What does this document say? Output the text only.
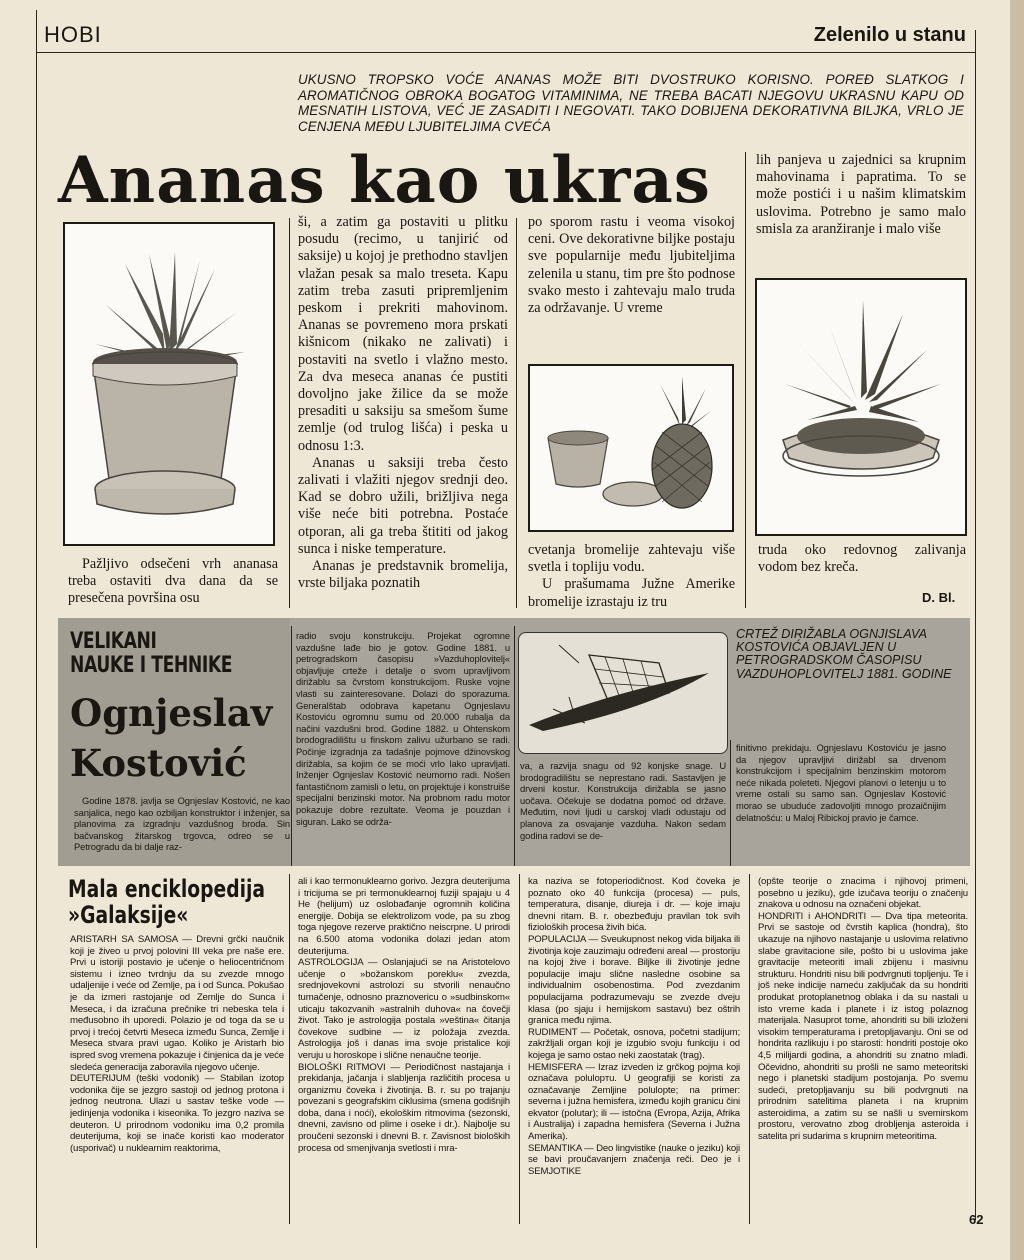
HOBI	Zelenilo u stanu
UKUSNO TROPSKO VOĆE ANANAS MOŽE BITI DVOSTRUKO KORISNO. POREĐ SLATKOG I AROMATIČNOG OBROKA BOGATOG VITAMINIMA, NE TREBA BACATI NJEGOVU UKRASNU KAPU OD MESNATIH LISTOVA, VEĆ JE ZASADITI I NEGOVATI. TAKO DOBIJENA DEKORATIVNA BILJKA, VRLO JE CENJENA MEĐU LJUBITELJIMA CVEĆA
Ananas kao ukras

Pažljivo odsečeni vrh ananasa treba ostaviti dva dana da se presečena površina osu

ši, a zatim ga postaviti u plitku posudu (recimo, u tanjirić od saksije) u kojoj je prethodno stavljen vlažan pesak sa malo treseta. Kapu zatim treba zasuti pripremljenim peskom i prekriti mahovinom. Ananas se povremeno mora prskati kišnicom (nikako ne zalivati) i postaviti na svetlo i vlažno mesto. Za dva meseca ananas će pustiti dovoljno jake žilice da se može presaditi u saksiju sa smešom šume zemlje (od trulog lišća) i peska u odnosu 1:3.

Ananas u saksiji treba često zalivati i vlažiti njegov srednji deo. Kad se dobro užili, brižljiva nega više neće biti potrebna. Postaće otporan, ali ga treba štititi od jakog sunca i niske temperature.

Ananas je predstavnik bromelija, vrste biljaka poznatih

po sporom rastu i veoma visokoj ceni. Ove dekorativne biljke postaju sve popularnije među ljubiteljima zelenila u stanu, tim pre što podnose svako mesto i zahtevaju malo truda za održavanje. U vreme

cvetanja bromelije zahtevaju više svetla i topliju vodu.

U prašumama Južne Amerike bromelije izrastaju iz tru

lih panjeva u zajednici sa krupnim mahovinama i papratima. To se može postići i u našim klimatskim uslovima. Potrebno je samo malo smisla za aranžiranje i malo više

truda oko redovnog zalivanja vodom bez kreča.

D. Bl.
VELIKANI
NAUKE I TEHNIKE
Ognjeslav
Kostović

Godine 1878. javlja se Ognjeslav Kostović, ne kao sanjalica, nego kao ozbiljan konstruktor i inženjer, sa planovima za izgradnju vazdušnog broda. Sin bačvanskog žitarskog trgovca, odreo se u Petrogradu da bi dalje raz-

radio svoju konstrukciju. Projekat ogromne vazdušne lađe bio je gotov. Godine 1881. u petrogradskom časopisu »Vazduhoplovitelj« objavljuje crteže i detalje o svom upravljivom dirižablu sa čvrstom konstrukcijom. Ruske vojne vlasti su zainteresovane. Dolazi do sporazuma. Generalštab odobrava kapetanu Ognjeslavu Kostoviću ogromnu sumu od 20.000 rubalja da načini vazdušni brod. Godine 1882. u Ohtenskom brodogradilištu u finskom zalivu užurbano se radi. Počinje izgradnja za tadašnje pojmove džinovskog dirižabla, sa kojim će se moći vrlo lako upravljati. Inženjer Ognjeslav Kostović neumorno radi. Nošen fantastičnom zamisli o letu, on projektuje i konstruiše specijalni benzinski motor. Na probnom radu motor pokazuje dobre rezultate. Veoma je pouzdan i siguran. Lako se održa-

CRTEŽ DIRIŽABLA OGNJISLAVA KOSTOVIĆA OBJAVLJEN U PETROGRADSKOM ČASOPISU VAZDUHOPLOVITELJ 1881. GODINE

va, a razvija snagu od 92 konjske snage. U brodogradilištu se neprestano radi. Sastavljen je drveni kostur. Konstrukcija dirižabla se jasno uočava. Očekuje se dodatna pomoć od države. Međutim, novi ljudi u carskoj vladi odustaju od planova za osvajanje vazduha. Nakon sedam godina radovi se de-

finitivno prekidaju. Ognjeslavu Kostoviću je jasno da njegov upravljivi dirižabl sa drvenom konstrukcijom i specijalnim benzinskim motorom neće nikada poleteti. Njegovi planovi o letenju u to vreme ostali su samo san. Ognjeslav Kostović morao se ubuduće zadovoljiti mnogo prozaičnijim delatnošću: u Maloj Ribickoj pravio je čamce.

Mala enciklopedija
»Galaksije«
ARISTARH SA SAMOSA — Drevni grčki naučnik koji je živeo u prvoj polovini III veka pre naše ere. Prvi u istoriji postavio je učenje o heliocentričnom sistemu i izneo tvrdnju da su zvezde mnogo udaljenije i veće od Zemlje, pa i od Sunca. Pokušao je da izmeri rastojanje od Zemlje do Sunca i Meseca, i da izračuna prečnike tri nebeska tela i međusobno ih uporedi. Polazio je od toga da se u prvoj i trećoj četvrti Meseca između Sunca, Zemlje i Meseca stvara pravi ugao. Koliko je Aristarh bio ispred svog vremena pokazuje i činjenica da je veće sledeća generacija zaboravila njegovo učenje.
DEUTERIJUM (teški vodonik) — Stabilan izotop vodonika čije se jezgro sastoji od jednog protona i jednog neutrona. Ulazi u sastav teške vode — jedinjenja vodonika i kiseonika. To jezgro naziva se deuteron. U prirodnom vodoniku ima 0,2 promila deuterijuma, koji se inače koristi kao moderator (usporivač) u nuklearnim reaktorima,
ali i kao termonuklearno gorivo. Jezgra deuterijuma i tricijuma se pri termonuklearnoj fuziji spajaju u 4 He (helijum) uz oslobađanje ogromnih količina energije. Dobija se elektrolizom vode, pa su zbog toga njegove rezerve praktično neiscrpne. U prirodi na 6.500 atoma vodonika dolazi jedan atom deuterijuma.
ASTROLOGIJA — Oslanjajući se na Aristotelovo učenje o »božanskom poreklu« zvezda, srednjovekovni astrolozi su stvorili nenaučno tumačenje, odnosno praznovericu o »sudbinskom« uticaju takozvanih »astralnih duhova« na čovečji život. Tako je astrologija postala »veština« čitanja čovekove sudbine — iz položaja zvezda. Astrologija još i danas ima svoje pristalice koji veruju u horoskope i slične nenaučne teorije.
BIOLOŠKI RITMOVI — Periodičnost nastajanja i prekidanja, jačanja i slabljenja različitih procesa u organizmu čoveka i životinja. B. r. su po trajanju povezani s geografskim ciklusima (smena godišnjih doba, dana i noći), ekološkim ritmovima (sezonski, dnevni, zavisno od plime i oseke i dr.). Najbolje su proučeni sezonski i dnevni B. r. Zavisnost bioloških procesa od smenjivanja svetlosti i mra-
ka naziva se fotoperiodičnost. Kod čoveka je poznato oko 40 funkcija (procesa) — puls, temperatura, disanje, diureja i dr. — koje imaju dnevni ritam. B. r. obezbeđuju pravilan tok svih fizioloških procesa živih bića.
POPULACIJA — Sveukupnost nekog vida biljaka ili životinja koje zauzimaju određeni areal — prostoriju na kojoj žive i borave. Biljke ili životinje jedne populacije imaju slične nasledne osobine sa individualnim osobenostima. Pod zvezdanim populacijama podrazumevaju se zvezde dveju klasa (po sjaju i hemijskom sastavu) bez oštrih granica među njima.
RUDIMENT — Početak, osnova, početni stadijum; zakržljali organ koji je izgubio svoju funkciju i od kojega je samo ostao neki zaostatak (trag).
HEMISFERA — Izraz izveden iz grčkog pojma koji označava polulopтu. U geografiji se koristi za označavanje Zemljine polulopte; na primer: severna i južna hemisfera, između kojih granicu čini ekvator (polutar); ili — istočna (Evropa, Azija, Afrika i Australija) i zapadna hemisfera (Severna i Južna Amerika).
SEMANTIKA — Deo lingvistike (nauke o jeziku) koji se bavi proučavanjem značenja reči. Deo je i SEMJOTIKE
(opšte teorije o znacima i njihovoj primeni, posebno u jeziku), gde izučava teoriju o značenju znakova u odnosu na označeni objekat.
HONDRITI i AHONDRITI — Dva tipa meteorita. Prvi se sastoje od čvrstih kaplica (hondra), što ukazuje na njihovo nastajanje u uslovima relativno slabe gravitacione sile, pošto bi u uslovima jake gravitacije meteoriti imali zbijenu i masivnu strukturu. Hondriti nisu bili podvrgnuti topljenju. Te i još neke indicije nameću zaključak da su hondriti produkat protoplanetnog oblaka i da su nastali u isto vreme kada i planete i iz istog polaznog materijala. Nasuprot tome, ahondriti su bili izloženi visokim temperaturama i pretopljavanju. Oni se od hondrita razlikuju i po starosti: hondriti postoje oko 4,5 milijardi godina, a ahondriti su znatno mlađi. Očevidno, ahondriti su prošli ne samo meteoritski nego i planetski stadijum postojanja. Po svemu sudeći, pretopljavanju su bili podvrgnuti na prirodnim satelitima planeta i na krupnim asteroidima, a zatim su se našli u svemirskom prostoru, verovatno zbog drobljenja asteroida i satelita pri sudarima s krupnim meteoritima.
62
